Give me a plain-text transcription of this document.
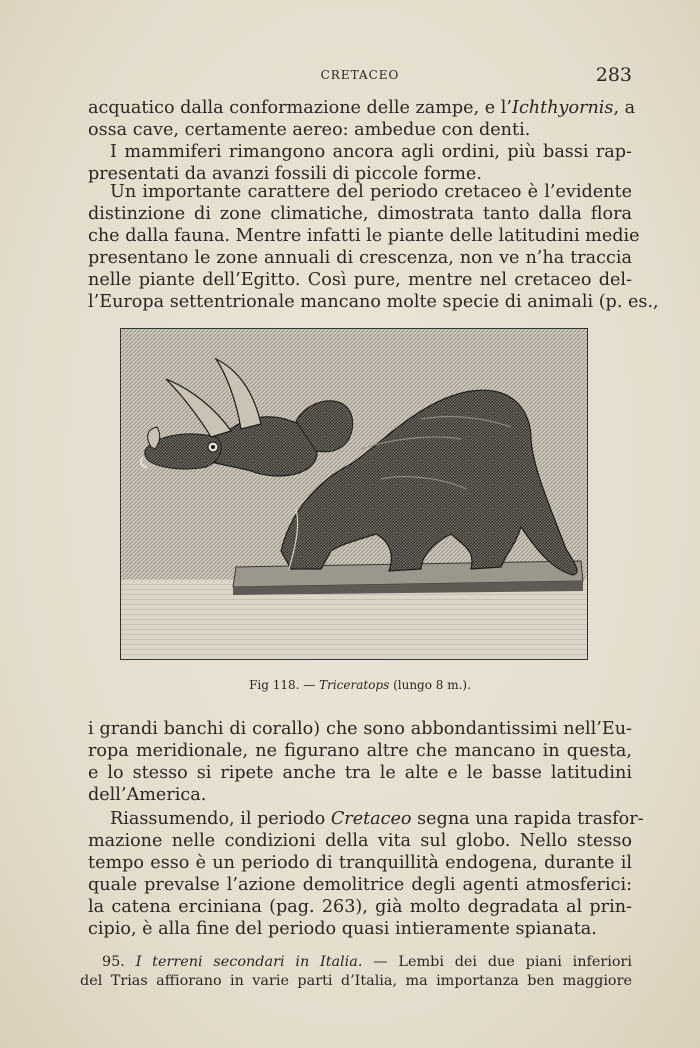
CRETACEO	283
acquatico dalla conformazione delle zampe, e l’Ichthyornis, a
ossa cave, certamente aereo: ambedue con denti.
I mammiferi rimangono ancora agli ordini, più bassi rap-
presentati da avanzi fossili di piccole forme.
Un importante carattere del periodo cretaceo è l’evidente
distinzione di zone climatiche, dimostrata tanto dalla flora
che dalla fauna. Mentre infatti le piante delle latitudini medie
presentano le zone annuali di crescenza, non ve n’ha traccia
nelle piante dell’Egitto. Così pure, mentre nel cretaceo del-
l’Europa settentrionale mancano molte specie di animali (p. es.,
Fig 118. — Triceratops (lungo 8 m.).
i grandi banchi di corallo) che sono abbondantissimi nell’Eu-
ropa meridionale, ne figurano altre che mancano in questa,
e lo stesso si ripete anche tra le alte e le basse latitudini
dell’America.
Riassumendo, il periodo Cretaceo segna una rapida trasfor-
mazione nelle condizioni della vita sul globo. Nello stesso
tempo esso è un periodo di tranquillità endogena, durante il
quale prevalse l’azione demolitrice degli agenti atmosferici:
la catena erciniana (pag. 263), già molto degradata al prin-
cipio, è alla fine del periodo quasi intieramente spianata.
95. I terreni secondari in Italia. — Lembi dei due piani inferiori
del Trias affiorano in varie parti d’Italia, ma importanza ben maggiore
